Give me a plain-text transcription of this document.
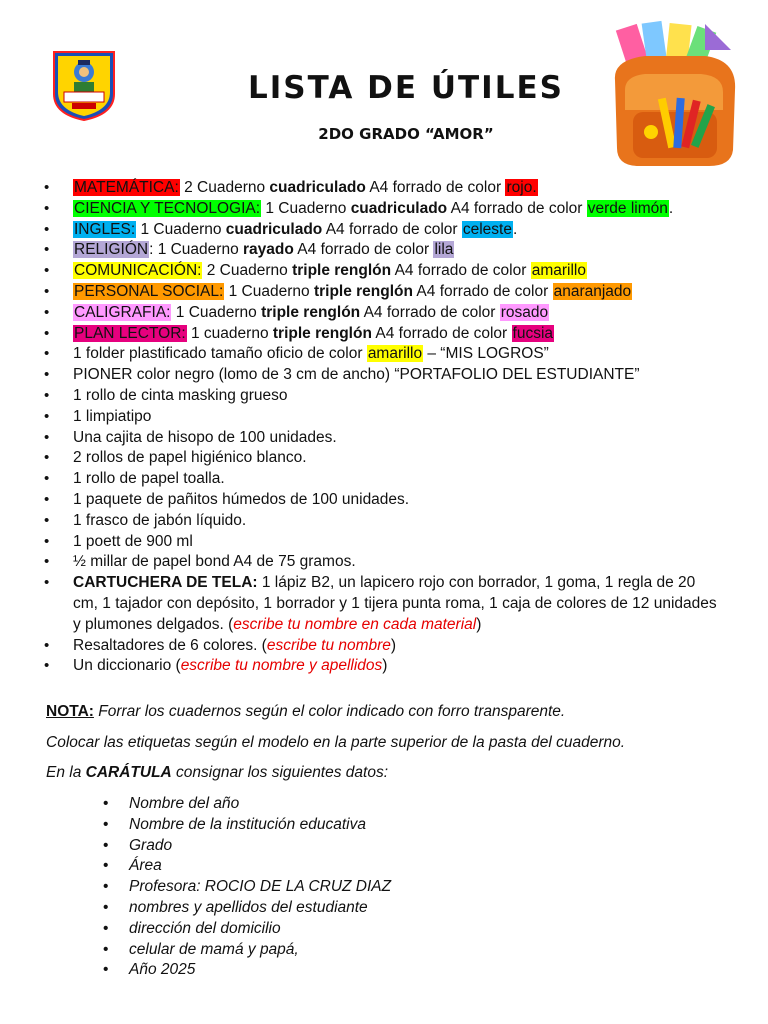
LISTA DE ÚTILES
2DO GRADO “AMOR”
• MATEMÁTICA: 2 Cuaderno cuadriculado A4 forrado de color rojo.
• CIENCIA Y TECNOLOGIA: 1 Cuaderno cuadriculado A4 forrado de color verde limón.
• INGLES: 1 Cuaderno cuadriculado A4 forrado de color celeste.
• RELIGIÓN: 1 Cuaderno rayado A4 forrado de color lila
• COMUNICACIÓN: 2 Cuaderno triple renglón A4 forrado de color amarillo
• PERSONAL SOCIAL: 1 Cuaderno triple renglón A4 forrado de color anaranjado
• CALIGRAFIA: 1 Cuaderno triple renglón A4 forrado de color rosado
• PLAN LECTOR: 1 cuaderno triple renglón A4 forrado de color fucsia
• 1 folder plastificado tamaño oficio de color amarillo – “MIS LOGROS”
• PIONER color negro (lomo de 3 cm de ancho) “PORTAFOLIO DEL ESTUDIANTE”
• 1 rollo de cinta masking grueso
• 1 limpiatipo
• Una cajita de hisopo de 100 unidades.
• 2 rollos de papel higiénico blanco.
• 1 rollo de papel toalla.
• 1 paquete de pañitos húmedos de 100 unidades.
• 1 frasco de jabón líquido.
• 1 poett de 900 ml
• ½ millar de papel bond A4 de 75 gramos.
• CARTUCHERA DE TELA: 1 lápiz B2, un lapicero rojo con borrador, 1 goma, 1 regla de 20 cm, 1 tajador con depósito, 1 borrador y 1 tijera punta roma, 1 caja de colores de 12 unidades y plumones delgados. (escribe tu nombre en cada material)
• Resaltadores de 6 colores. (escribe tu nombre)
• Un diccionario (escribe tu nombre y apellidos)

NOTA: Forrar los cuadernos según el color indicado con forro transparente.

Colocar las etiquetas según el modelo en la parte superior de la pasta del cuaderno.

En la CARÁTULA consignar los siguientes datos:

• Nombre del año
• Nombre de la institución educativa
• Grado
• Área
• Profesora: ROCIO DE LA CRUZ DIAZ
• nombres y apellidos del estudiante
• dirección del domicilio
• celular de mamá y papá,
• Año 2025
